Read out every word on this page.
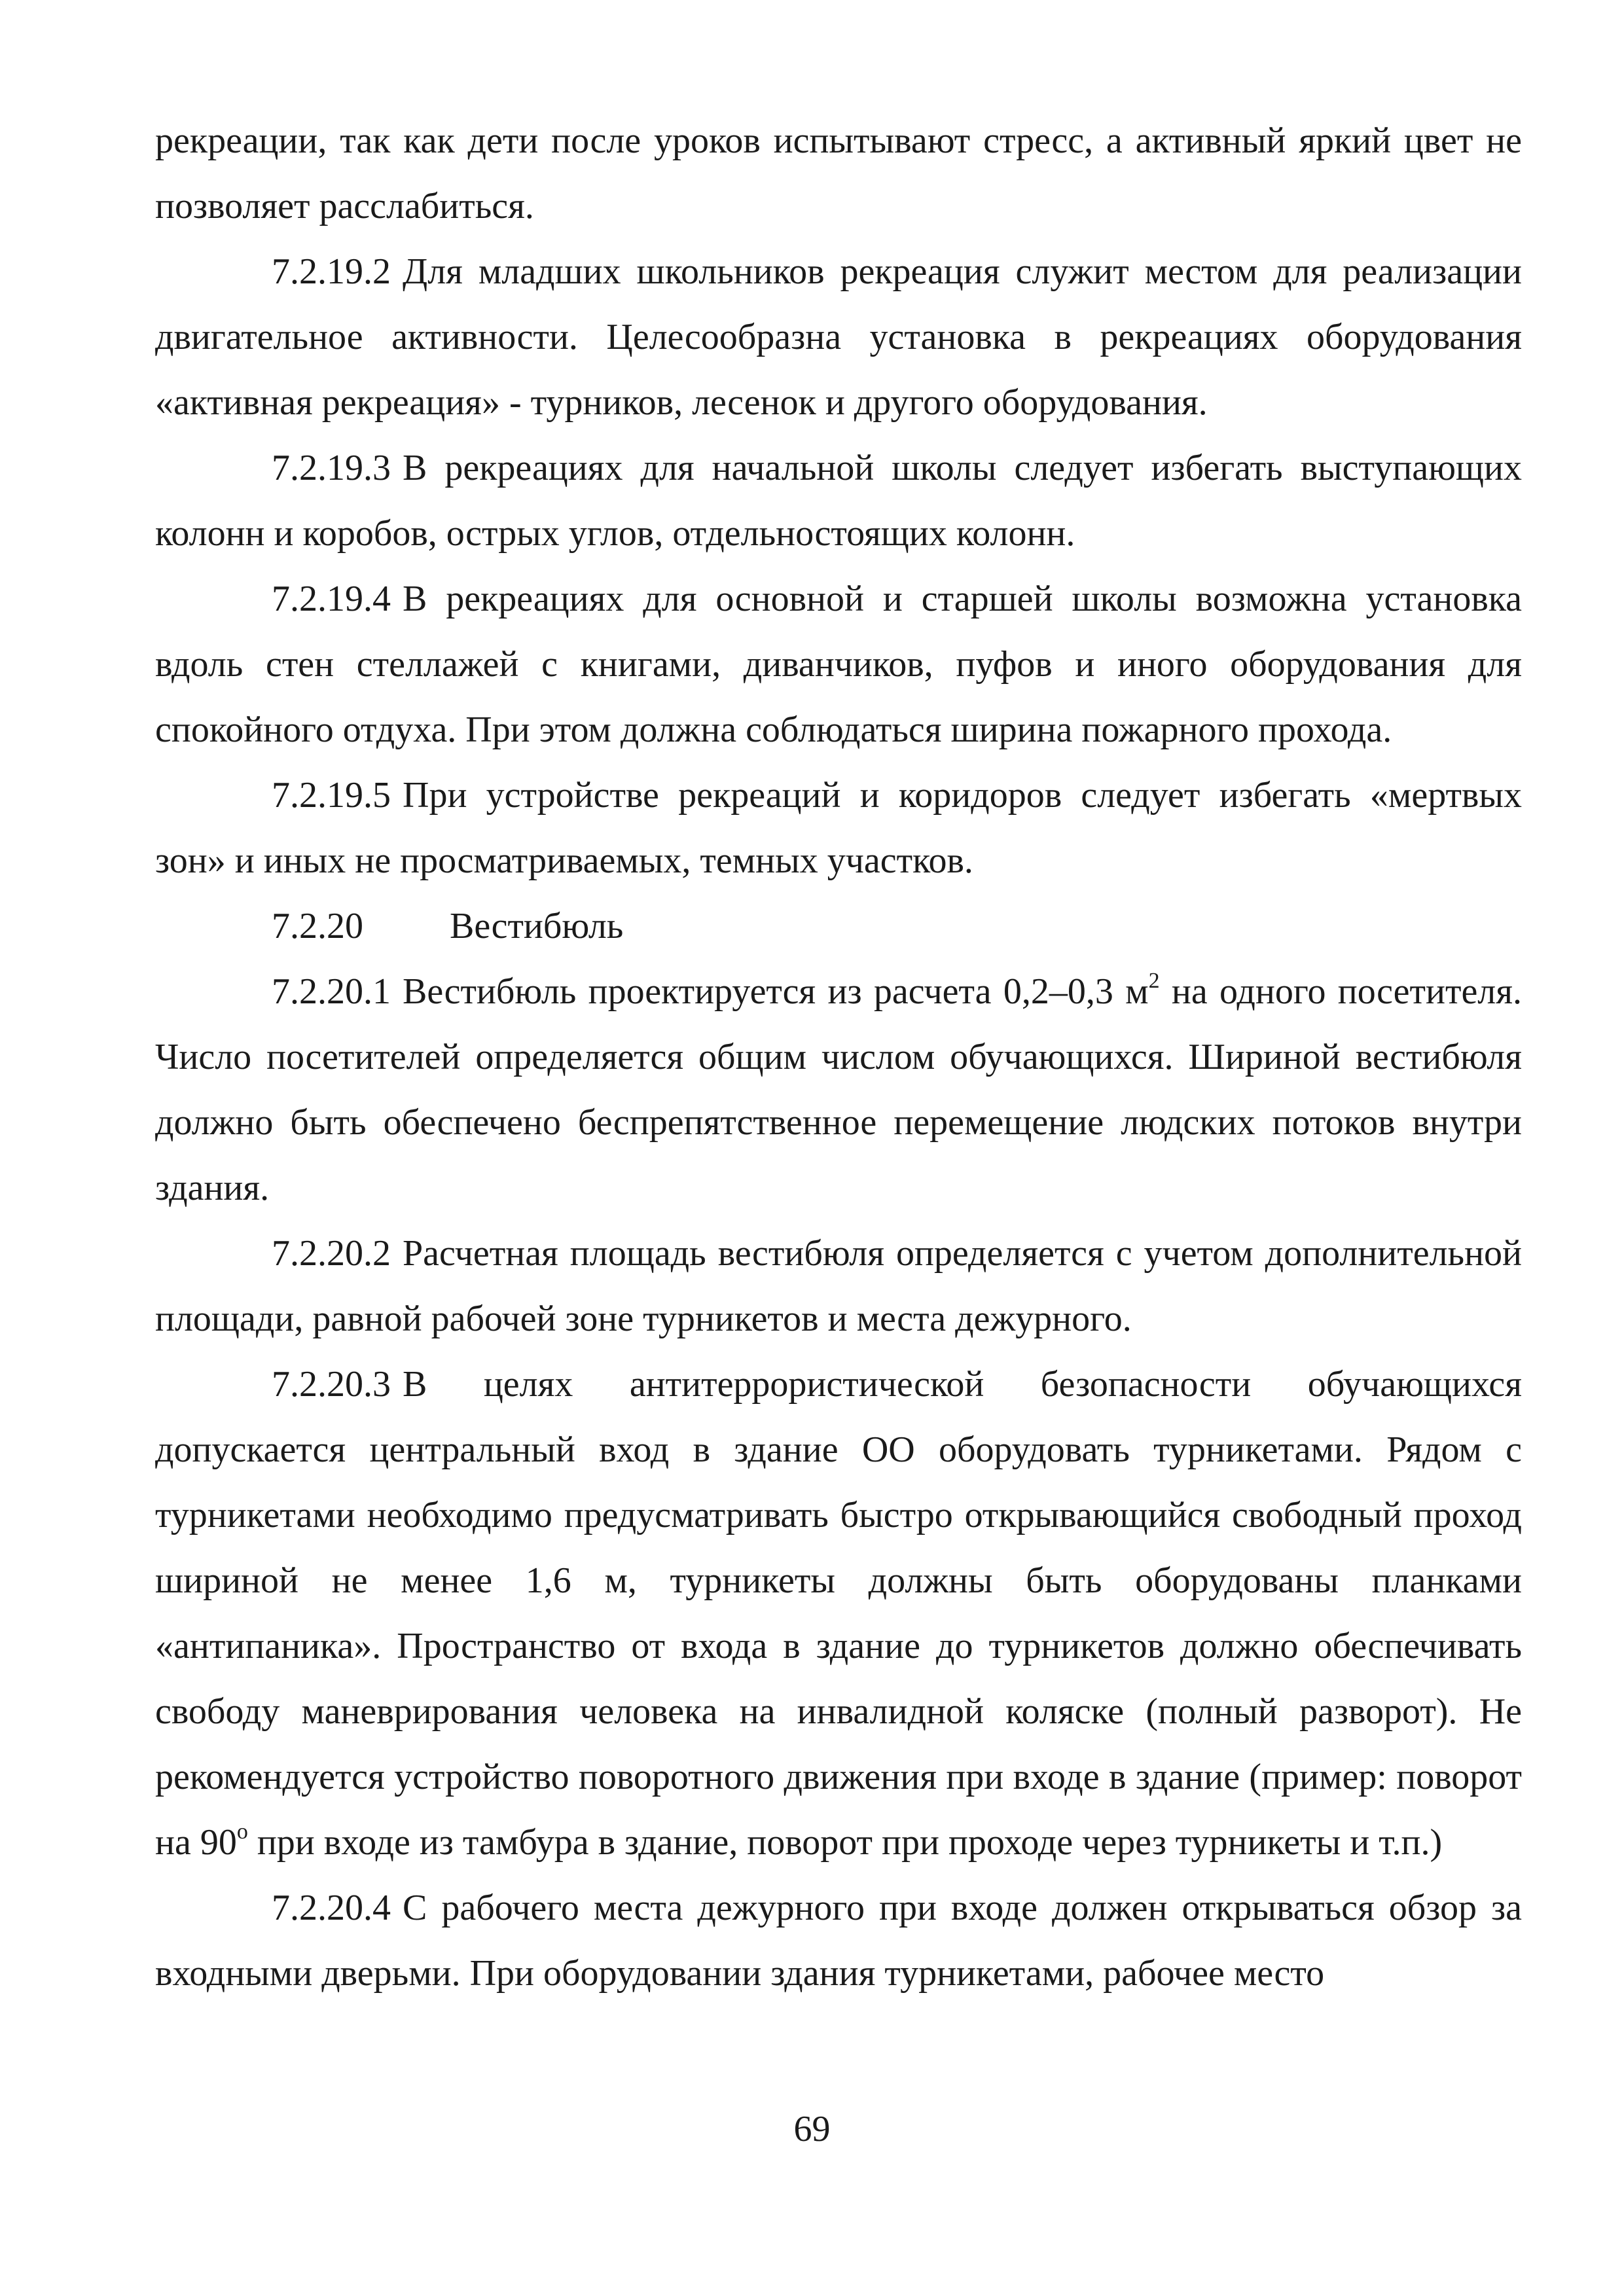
рекреации, так как дети после уроков испытывают стресс, а активный яркий цвет не позволяет расслабиться.

7.2.19.2 Для младших школьников рекреация служит местом для реализации двигательное активности. Целесообразна установка в рекреациях оборудования «активная рекреация» - турников, лесенок и другого оборудования.

7.2.19.3 В рекреациях для начальной школы следует избегать выступающих колонн и коробов, острых углов, отдельностоящих колонн.

7.2.19.4 В рекреациях для основной и старшей школы возможна установка вдоль стен стеллажей с книгами, диванчиков, пуфов и иного оборудования для спокойного отдуха. При этом должна соблюдаться ширина пожарного прохода.

7.2.19.5 При устройстве рекреаций и коридоров следует избегать «мертвых зон» и иных не просматриваемых, темных участков.

7.2.20 Вестибюль

7.2.20.1 Вестибюль проектируется из расчета 0,2–0,3 $м^2$ на одного посетителя. Число посетителей определяется общим числом обучающихся. Шириной вестибюля должно быть обеспечено беспрепятственное перемещение людских потоков внутри здания.

7.2.20.2 Расчетная площадь вестибюля определяется с учетом дополнительной площади, равной рабочей зоне турникетов и места дежурного.

7.2.20.3 В целях антитеррористической безопасности обучающихся допускается центральный вход в здание ОО оборудовать турникетами. Рядом с турникетами необходимо предусматривать быстро открывающийся свободный проход шириной не менее 1,6 м, турникеты должны быть оборудованы планками «антипаника». Пространство от входа в здание до турникетов должно обеспечивать свободу маневрирования человека на инвалидной коляске (полный разворот). Не рекомендуется устройство поворотного движения при входе в здание (пример: поворот на $90^о$ при входе из тамбура в здание, поворот при проходе через турникеты и т.п.)

7.2.20.4 С рабочего места дежурного при входе должен открываться обзор за входными дверьми. При оборудовании здания турникетами, рабочее место

69
